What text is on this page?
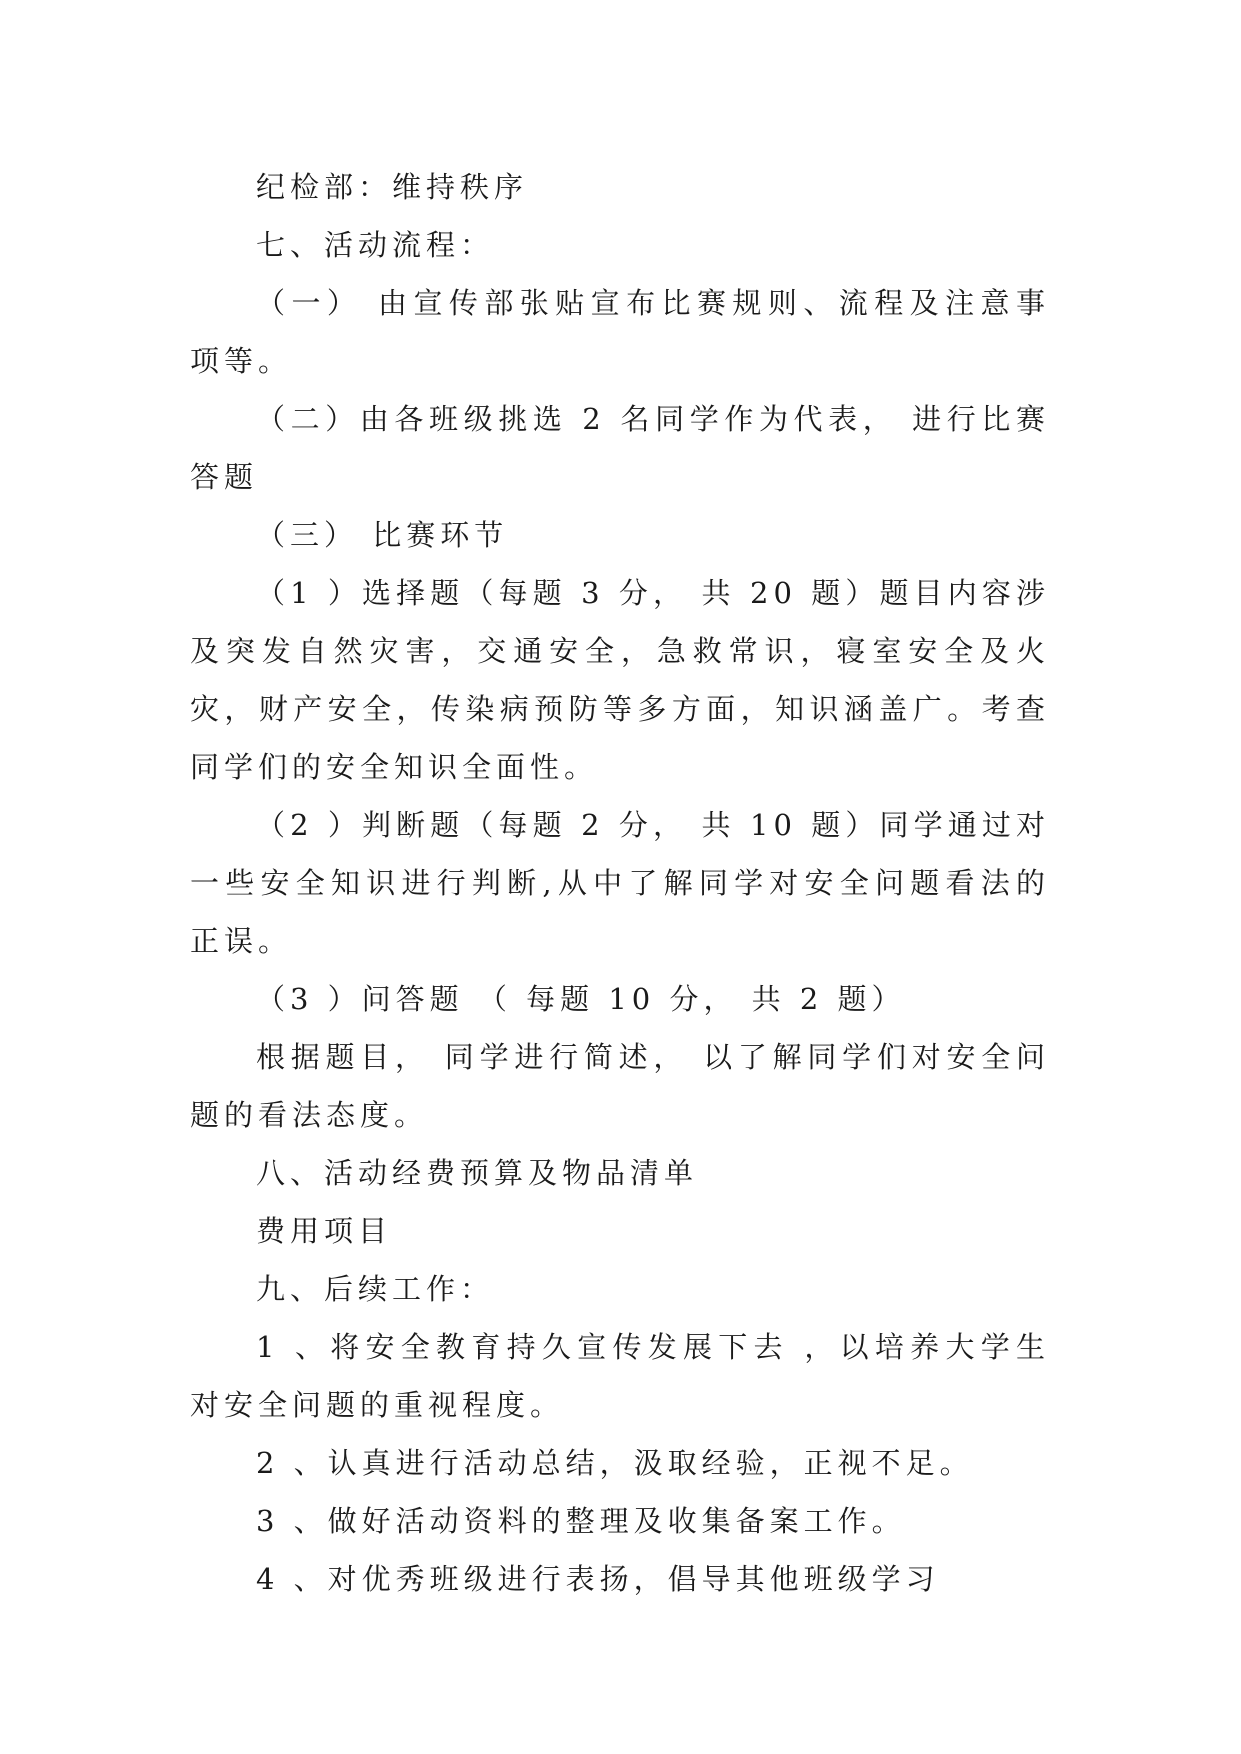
纪检部：维持秩序

七、活动流程：

（一） 由宣传部张贴宣布比赛规则、流程及注意事项等。

（二）由各班级挑选 2 名同学作为代表， 进行比赛答题

（三） 比赛环节

（1 ）选择题（每题 3 分， 共 20 题）题目内容涉及突发自然灾害，交通安全，急救常识，寝室安全及火灾，财产安全，传染病预防等多方面，知识涵盖广。考查同学们的安全知识全面性。

（2 ）判断题（每题 2 分， 共 10 题）同学通过对一些安全知识进行判断,从中了解同学对安全问题看法的正误。

（3 ）问答题 （ 每题 10 分， 共 2 题）

根据题目， 同学进行简述， 以了解同学们对安全问题的看法态度。

八、活动经费预算及物品清单

费用项目

九、后续工作：

1 、将安全教育持久宣传发展下去 ，以培养大学生对安全问题的重视程度。

2 、认真进行活动总结，汲取经验，正视不足。

3 、做好活动资料的整理及收集备案工作。

4 、对优秀班级进行表扬，倡导其他班级学习
